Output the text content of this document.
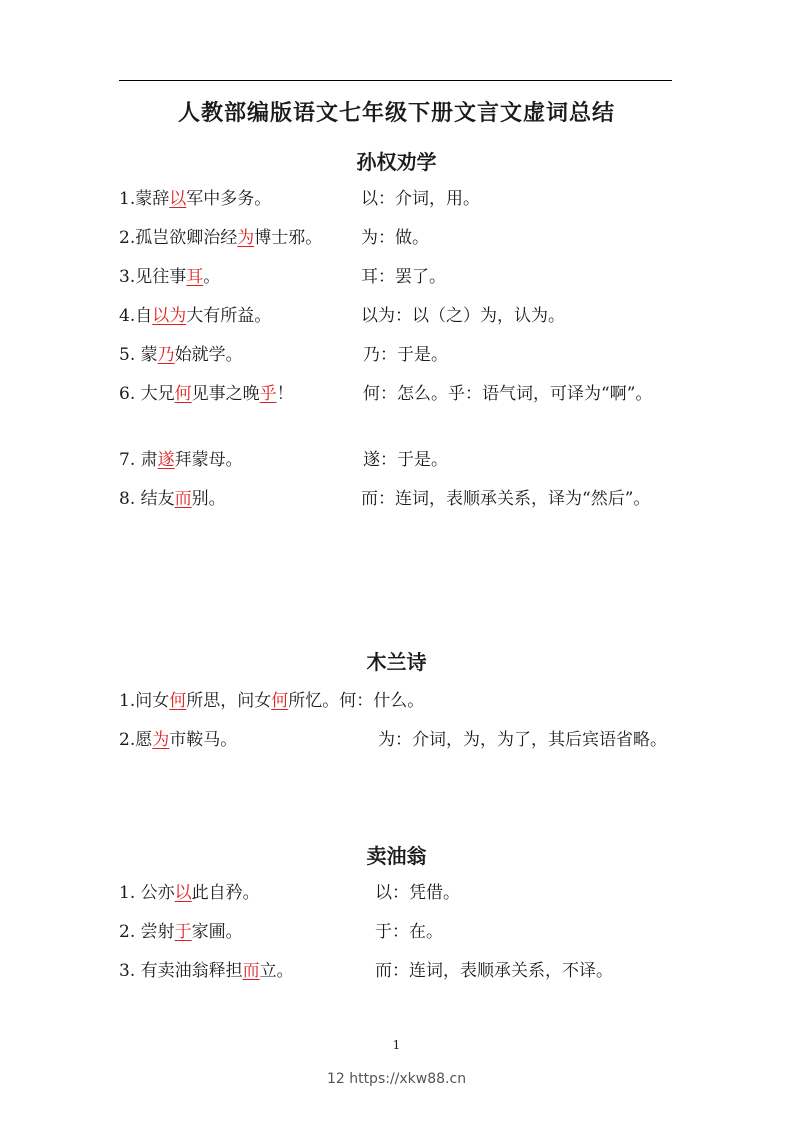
人教部编版语文七年级下册文言文虚词总结
孙权劝学
1.蒙辞以军中多务。	以：介词，用。
2.孤岂欲卿治经为博士邪。 为：做。
3.见往事耳。	耳：罢了。
4.自以为大有所益。	以为：以（之）为，认为。
5. 蒙乃始就学。	乃：于是。
6. 大兄何见事之晚乎！	何：怎么。乎：语气词，可译为“啊”。
7. 肃遂拜蒙母。	遂：于是。
8. 结友而别。	而：连词，表顺承关系，译为“然后”。
木兰诗
1.问女何所思，问女何所忆。何：什么。
2.愿为市鞍马。	为：介词，为，为了，其后宾语省略。
卖油翁
1. 公亦以此自矜。	以：凭借。
2. 尝射于家圃。	于：在。
3. 有卖油翁释担而立。	而：连词，表顺承关系，不译。
1
12 https://xkw88.cn
